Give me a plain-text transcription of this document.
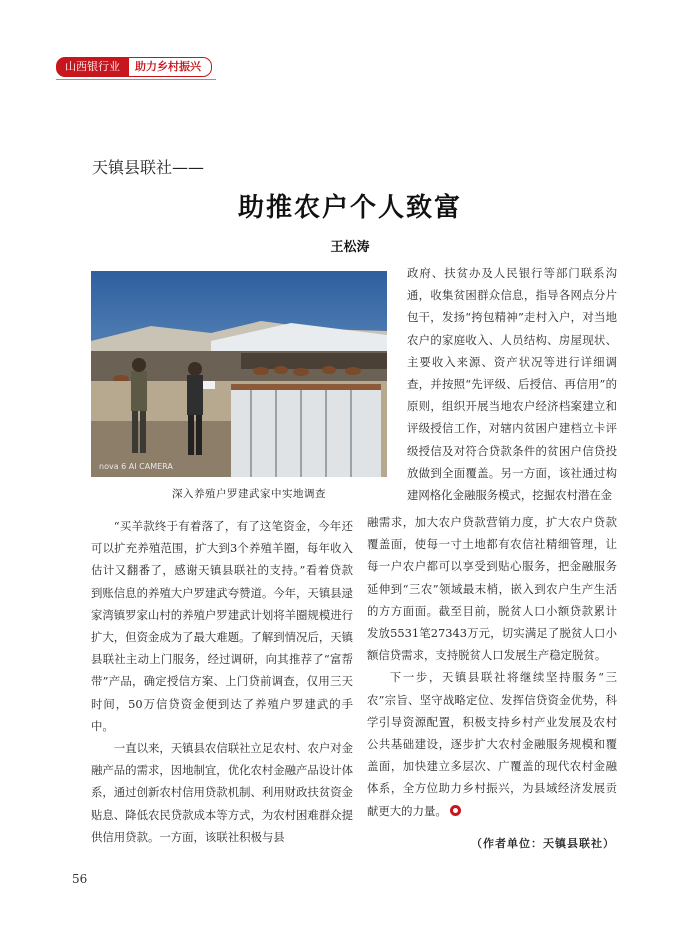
山西银行业	助力乡村振兴
天镇县联社——
助推农户个人致富
王松涛
nova 6 AI CAMERA
深入养殖户罗建武家中实地调查

政府、扶贫办及人民银行等部门联系沟通，收集贫困群众信息，指导各网点分片包干，发扬“挎包精神”走村入户，对当地农户的家庭收入、人员结构、房屋现状、主要收入来源、资产状况等进行详细调查，并按照“先评级、后授信、再信用”的原则，组织开展当地农户经济档案建立和评级授信工作，对辖内贫困户建档立卡评级授信及对符合贷款条件的贫困户信贷投放做到全面覆盖。另一方面，该社通过构建网格化金融服务模式，挖掘农村潜在金

“买羊款终于有着落了，有了这笔资金，今年还可以扩充养殖范围，扩大到3个养殖羊圈，每年收入估计又翻番了，感谢天镇县联社的支持。”看着贷款到账信息的养殖大户罗建武夸赞道。今年，天镇县逯家湾镇罗家山村的养殖户罗建武计划将羊圈规模进行扩大，但资金成为了最大难题。了解到情况后，天镇县联社主动上门服务，经过调研，向其推荐了“富帮带”产品，确定授信方案、上门贷前调查，仅用三天时间，50万信贷资金便到达了养殖户罗建武的手中。

一直以来，天镇县农信联社立足农村、农户对金融产品的需求，因地制宜，优化农村金融产品设计体系，通过创新农村信用贷款机制、利用财政扶贫资金贴息、降低农民贷款成本等方式，为农村困难群众提供信用贷款。一方面，该联社积极与县

融需求，加大农户贷款营销力度，扩大农户贷款覆盖面，使每一寸土地都有农信社精细管理，让每一户农户都可以享受到贴心服务，把金融服务延伸到“三农”领域最末梢，嵌入到农户生产生活的方方面面。截至目前，脱贫人口小额贷款累计发放5531笔27343万元，切实满足了脱贫人口小额信贷需求，支持脱贫人口发展生产稳定脱贫。

下一步，天镇县联社将继续坚持服务“三农”宗旨、坚守战略定位、发挥信贷资金优势，科学引导资源配置，积极支持乡村产业发展及农村公共基础建设，逐步扩大农村金融服务规模和覆盖面，加快建立多层次、广覆盖的现代农村金融体系，全方位助力乡村振兴，为县域经济发展贡献更大的力量。

（作者单位：天镇县联社）
56
